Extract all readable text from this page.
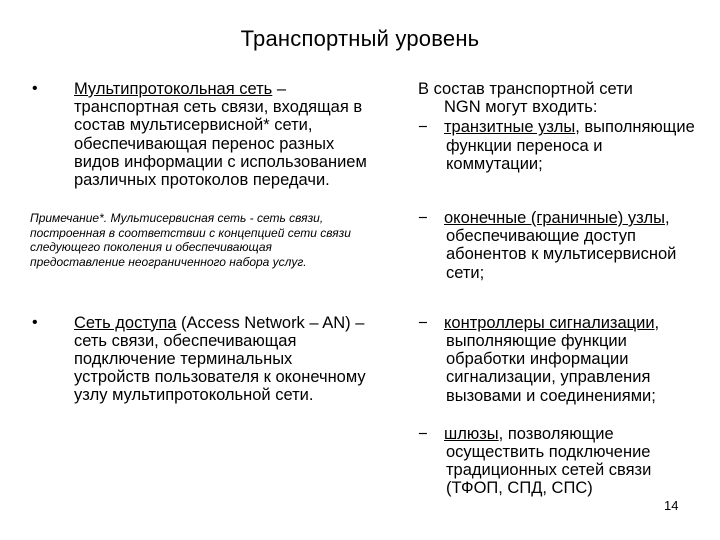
Транспортный уровень
• Мультипротокольная сеть – транспортная сеть связи, входящая в состав мультисервисной* сети, обеспечивающая перенос разных видов информации с использованием различных протоколов передачи.
Примечание*. Мультисервисная сеть - сеть связи, построенная в соответствии с концепцией сети связи следующего поколения и обеспечивающая предоставление неограниченного набора услуг.
• Сеть доступа (Access Network – AN) – сеть связи, обеспечивающая подключение терминальных устройств пользователя к оконечному узлу мультипротокольной сети.
В состав транспортной сети
NGN могут входить:
− транзитные узлы, выполняющие функции переноса и коммутации;
− оконечные (граничные) узлы, обеспечивающие доступ абонентов к мультисервисной сети;
− контроллеры сигнализации, выполняющие функции обработки информации сигнализации, управления вызовами и соединениями;
− шлюзы, позволяющие осуществить подключение традиционных сетей связи (ТФОП, СПД, СПС)
14
